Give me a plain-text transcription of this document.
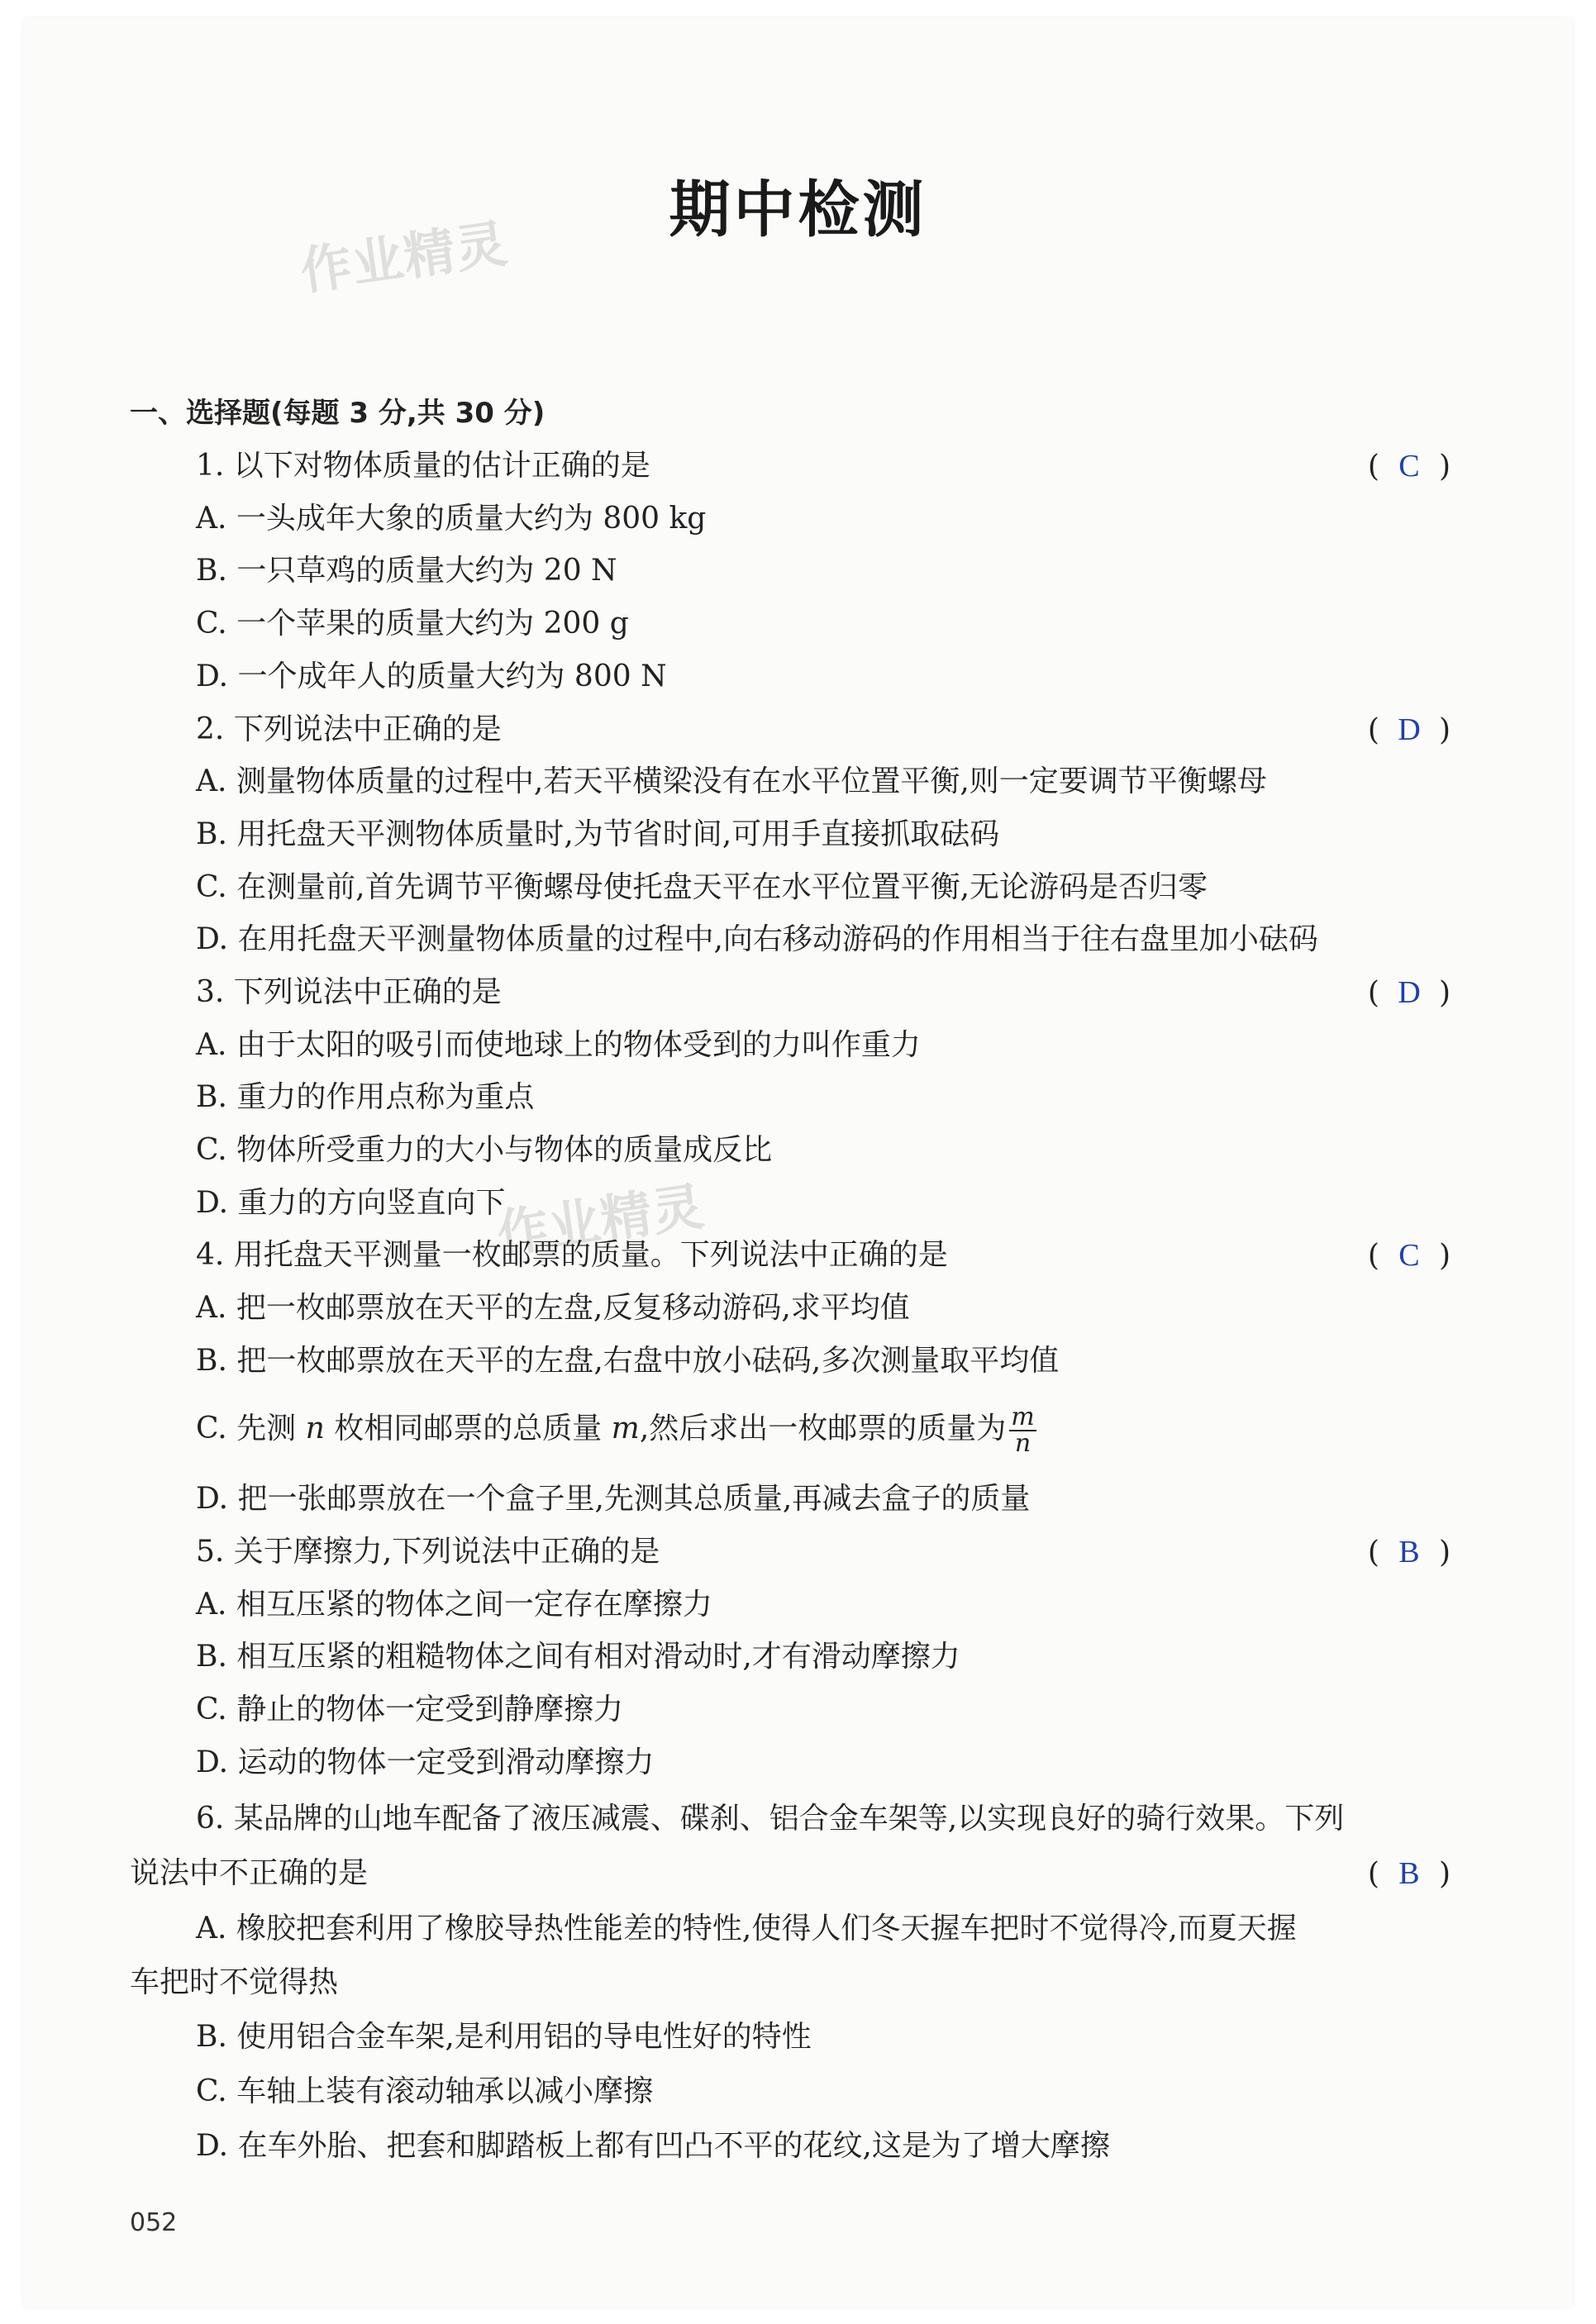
期中检测
作业精灵
作业精灵
一、选择题(每题 3 分,共 30 分)
1. 以下对物体质量的估计正确的是	( C )
A. 一头成年大象的质量大约为 800 kg
B. 一只草鸡的质量大约为 20 N
C. 一个苹果的质量大约为 200 g
D. 一个成年人的质量大约为 800 N
2. 下列说法中正确的是	( D )
A. 测量物体质量的过程中,若天平横梁没有在水平位置平衡,则一定要调节平衡螺母
B. 用托盘天平测物体质量时,为节省时间,可用手直接抓取砝码
C. 在测量前,首先调节平衡螺母使托盘天平在水平位置平衡,无论游码是否归零
D. 在用托盘天平测量物体质量的过程中,向右移动游码的作用相当于往右盘里加小砝码
3. 下列说法中正确的是	( D )
A. 由于太阳的吸引而使地球上的物体受到的力叫作重力
B. 重力的作用点称为重点
C. 物体所受重力的大小与物体的质量成反比
D. 重力的方向竖直向下
4. 用托盘天平测量一枚邮票的质量。下列说法中正确的是	( C )
A. 把一枚邮票放在天平的左盘,反复移动游码,求平均值
B. 把一枚邮票放在天平的左盘,右盘中放小砝码,多次测量取平均值
C. 先测 n 枚相同邮票的总质量 m,然后求出一枚邮票的质量为 $\frac{m}{n}$
D. 把一张邮票放在一个盒子里,先测其总质量,再减去盒子的质量
5. 关于摩擦力,下列说法中正确的是	( B )
A. 相互压紧的物体之间一定存在摩擦力
B. 相互压紧的粗糙物体之间有相对滑动时,才有滑动摩擦力
C. 静止的物体一定受到静摩擦力
D. 运动的物体一定受到滑动摩擦力
6. 某品牌的山地车配备了液压减震、碟刹、铝合金车架等,以实现良好的骑行效果。下列
说法中不正确的是	( B )
A. 橡胶把套利用了橡胶导热性能差的特性,使得人们冬天握车把时不觉得冷,而夏天握
车把时不觉得热
B. 使用铝合金车架,是利用铝的导电性好的特性
C. 车轴上装有滚动轴承以减小摩擦
D. 在车外胎、把套和脚踏板上都有凹凸不平的花纹,这是为了增大摩擦
052
